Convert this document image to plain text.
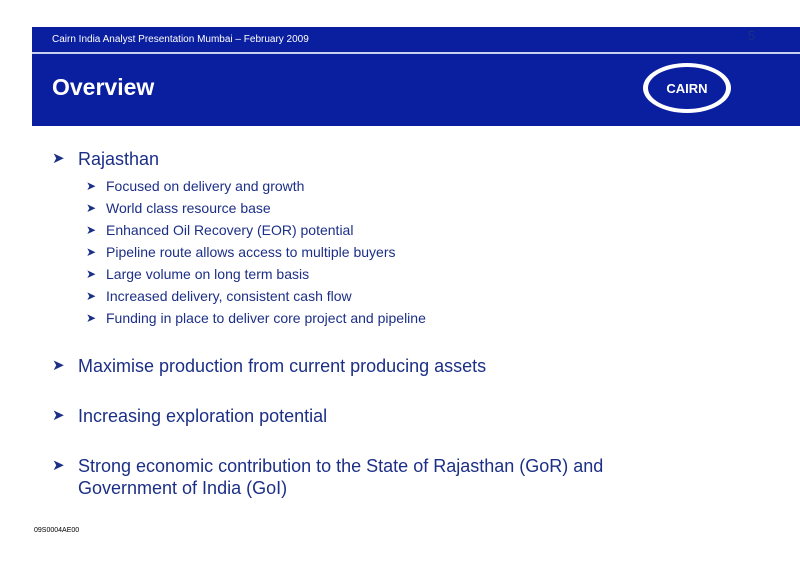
Cairn India Analyst Presentation Mumbai – February 2009	5
Overview	CAIRN
➤ Rajasthan
➤ Focused on delivery and growth
➤ World class resource base
➤ Enhanced Oil Recovery (EOR) potential
➤ Pipeline route allows access to multiple buyers
➤ Large volume on long term basis
➤ Increased delivery, consistent cash flow
➤ Funding in place to deliver core project and pipeline
➤ Maximise production from current producing assets
➤ Increasing exploration potential
➤ Strong economic contribution to the State of Rajasthan (GoR) and Government of India (GoI)
09S0004AE00
